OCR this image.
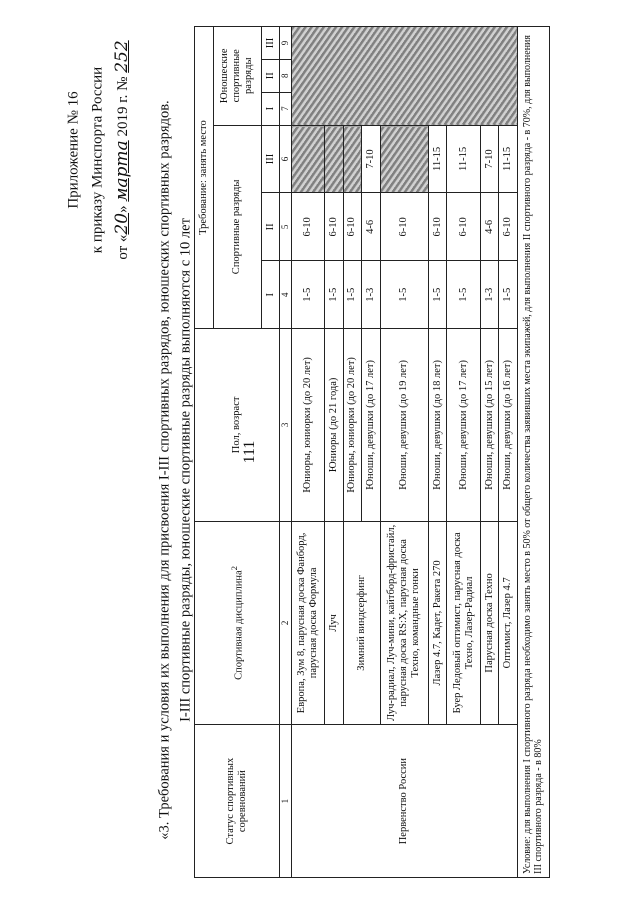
111
Приложение № 16 к приказу Минспорта России от «20» марта 2019 г. № 252
«3. Требования и условия их выполнения для присвоения I-III спортивных разрядов, юношеских спортивных разрядов. I-III спортивные разряды, юношеские спортивные разряды выполняются с 10 лет
Статус спортивных соревнований	Спортивная дисциплина$^2$	Пол, возраст	Требование: занять место					
			Спортивные разряды			Юношеские спортивные разряды		
			I	II	III	I	II	III
1	2	3	4	5	6	7	8	9
Первенство России	Европа, Зум 8, парусная доска Фанборд, парусная доска Формула	Юниоры, юниорки (до 20 лет)	1-5	6-10				
	Луч	Юниоры (до 21 года)	1-5	6-10				
	Зимний виндсерфинг	Юниоры, юниорки (до 20 лет)	1-5	6-10				
		Юноши, девушки (до 17 лет)	1-3	4-6	7-10			
	Луч-радиал, Луч-мини, кайтборд-фристайл, парусная доска RS:X, парусная доска Техно, командные гонки	Юноши, девушки (до 19 лет)	1-5	6-10				
	Лазер 4.7, Кадет, Ракета 270	Юноши, девушки (до 18 лет)	1-5	6-10	11-15			
	Буер Ледовый оптимист, парусная доска Техно, Лазер-Радиал	Юноши, девушки (до 17 лет)	1-5	6-10	11-15			
	Парусная доска Техно	Юноши, девушки (до 15 лет)	1-3	4-6	7-10			
	Оптимист, Лазер 4.7	Юноши, девушки (до 16 лет)	1-5	6-10	11-15			
Условие: для выполнения I спортивного разряда необходимо занять место в 50% от общего количества заявивших места экипажей, для выполнения II спортивного разряда - в 70%, для выполнения III спортивного разряда - в 80%								
